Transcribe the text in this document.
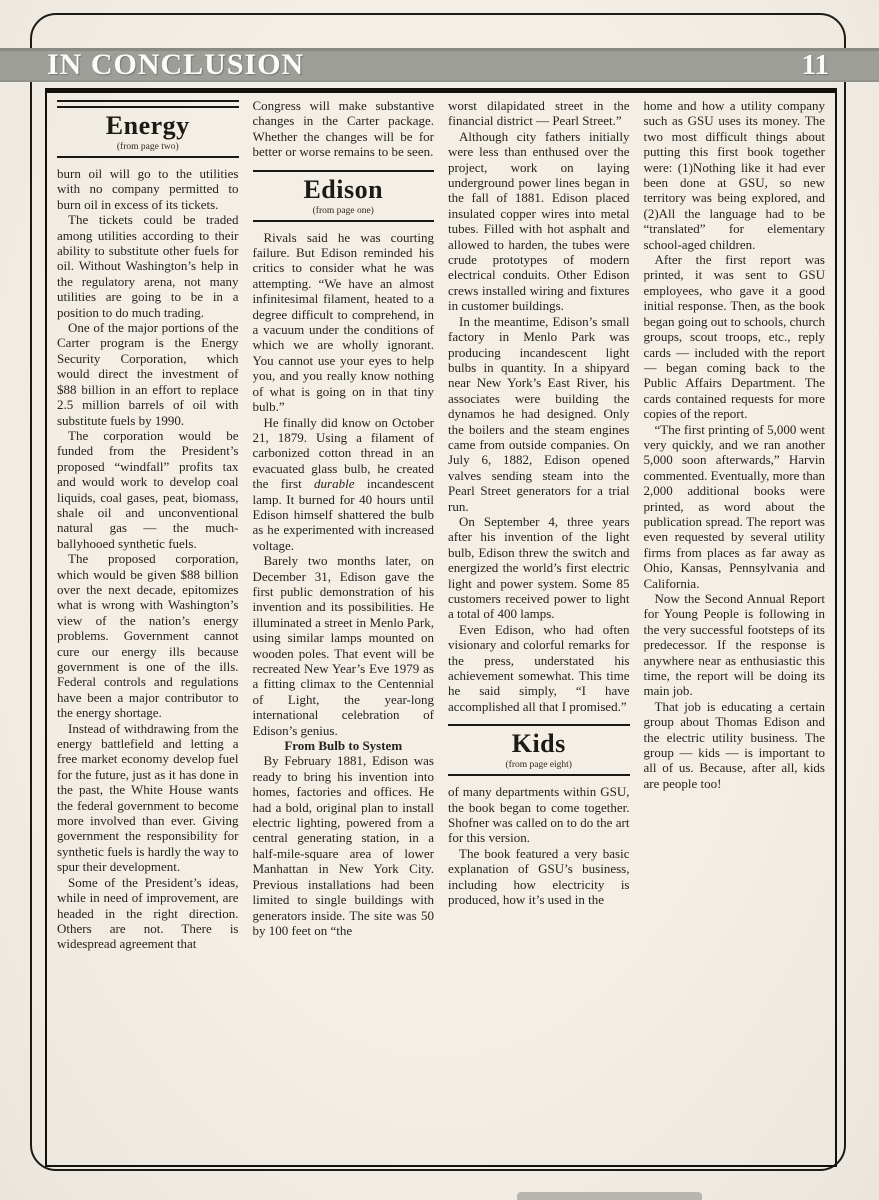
IN CONCLUSION	11
Energy
(from page two)

burn oil will go to the utilities with no company permitted to burn oil in excess of its tickets.

The tickets could be traded among utilities according to their ability to substitute other fuels for oil. Without Washington’s help in the regulatory arena, not many utilities are going to be in a position to do much trading.

One of the major portions of the Carter program is the Energy Security Corporation, which would direct the investment of $88 billion in an effort to replace 2.5 million barrels of oil with substitute fuels by 1990.

The corporation would be funded from the President’s proposed “windfall” profits tax and would work to develop coal liquids, coal gases, peat, biomass, shale oil and unconventional natural gas — the much-ballyhooed synthetic fuels.

The proposed corporation, which would be given $88 billion over the next decade, epitomizes what is wrong with Washington’s view of the nation’s energy problems. Government cannot cure our energy ills because government is one of the ills. Federal controls and regulations have been a major contributor to the energy shortage.

Instead of withdrawing from the energy battlefield and letting a free market economy develop fuel for the future, just as it has done in the past, the White House wants the federal government to become more involved than ever. Giving government the responsibility for synthetic fuels is hardly the way to spur their development.

Some of the President’s ideas, while in need of improvement, are headed in the right direction. Others are not. There is widespread agreement that

Congress will make substantive changes in the Carter package. Whether the changes will be for better or worse remains to be seen.

Edison
(from page one)

Rivals said he was courting failure. But Edison reminded his critics to consider what he was attempting. “We have an almost infinitesimal filament, heated to a degree difficult to comprehend, in a vacuum under the conditions of which we are wholly ignorant. You cannot use your eyes to help you, and you really know nothing of what is going on in that tiny bulb.”

He finally did know on October 21, 1879. Using a filament of carbonized cotton thread in an evacuated glass bulb, he created the first durable incandescent lamp. It burned for 40 hours until Edison himself shattered the bulb as he experimented with increased voltage.

Barely two months later, on December 31, Edison gave the first public demonstration of his invention and its possibilities. He illuminated a street in Menlo Park, using similar lamps mounted on wooden poles. That event will be recreated New Year’s Eve 1979 as a fitting climax to the Centennial of Light, the year-long international celebration of Edison’s genius.

From Bulb to System

By February 1881, Edison was ready to bring his invention into homes, factories and offices. He had a bold, original plan to install electric lighting, powered from a central generating station, in a half-mile-square area of lower Manhattan in New York City. Previous installations had been limited to single buildings with generators inside. The site was 50 by 100 feet on “the

worst dilapidated street in the financial district — Pearl Street.”

Although city fathers initially were less than enthused over the project, work on laying underground power lines began in the fall of 1881. Edison placed insulated copper wires into metal tubes. Filled with hot asphalt and allowed to harden, the tubes were crude prototypes of modern electrical conduits. Other Edison crews installed wiring and fixtures in customer buildings.

In the meantime, Edison’s small factory in Menlo Park was producing incandescent light bulbs in quantity. In a shipyard near New York’s East River, his associates were building the dynamos he had designed. Only the boilers and the steam engines came from outside companies. On July 6, 1882, Edison opened valves sending steam into the Pearl Street generators for a trial run.

On September 4, three years after his invention of the light bulb, Edison threw the switch and energized the world’s first electric light and power system. Some 85 customers received power to light a total of 400 lamps.

Even Edison, who had often visionary and colorful remarks for the press, understated his achievement somewhat. This time he said simply, “I have accomplished all that I promised.”

Kids
(from page eight)

of many departments within GSU, the book began to come together. Shofner was called on to do the art for this version.

The book featured a very basic explanation of GSU’s business, including how electricity is produced, how it’s used in the

home and how a utility company such as GSU uses its money. The two most difficult things about putting this first book together were: (1)Nothing like it had ever been done at GSU, so new territory was being explored, and (2)All the language had to be “translated” for elementary school-aged children.

After the first report was printed, it was sent to GSU employees, who gave it a good initial response. Then, as the book began going out to schools, church groups, scout troops, etc., reply cards — included with the report — began coming back to the Public Affairs Department. The cards contained requests for more copies of the report.

“The first printing of 5,000 went very quickly, and we ran another 5,000 soon afterwards,” Harvin commented. Eventually, more than 2,000 additional books were printed, as word about the publication spread. The report was even requested by several utility firms from places as far away as Ohio, Kansas, Pennsylvania and California.

Now the Second Annual Report for Young People is following in the very successful footsteps of its predecessor. If the response is anywhere near as enthusiastic this time, the report will be doing its main job.

That job is educating a certain group about Thomas Edison and the electric utility business. The group — kids — is important to all of us. Because, after all, kids are people too!
